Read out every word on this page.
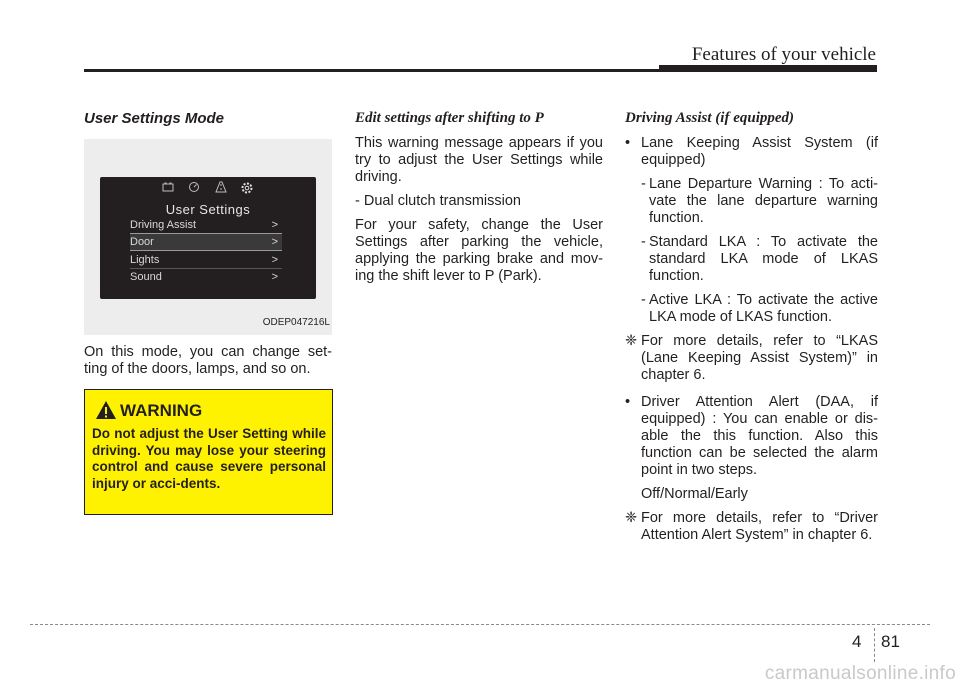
Features of your vehicle
User Settings Mode
User Settings
Driving Assist	>
Door	>
Lights	>
Sound	>
ODEP047216L

On this mode, you can change set-ting of the doors, lamps, and so on.

WARNING
Do not adjust the User Setting while driving. You may lose your steering control and cause severe personal injury or acci-dents.
Edit settings after shifting to P

This warning message appears if you try to adjust the User Settings while driving.

- Dual clutch transmission

For your safety, change the User Settings after parking the vehicle, applying the parking brake and mov-ing the shift lever to P (Park).

Driving Assist (if equipped)
• Lane Keeping Assist System (if equipped)
- Lane Departure Warning : To acti-vate the lane departure warning function.
- Standard LKA : To activate the standard LKA mode of LKAS function.
- Active LKA : To activate the active LKA mode of LKAS function.
❈ For more details, refer to “LKAS (Lane Keeping Assist System)” in chapter 6.
• Driver Attention Alert (DAA, if equipped) : You can enable or dis-able the this function. Also this function can be selected the alarm point in two steps.
Off/Normal/Early
❈ For more details, refer to “Driver Attention Alert System” in chapter 6.
4 81
carmanualsonline.info
